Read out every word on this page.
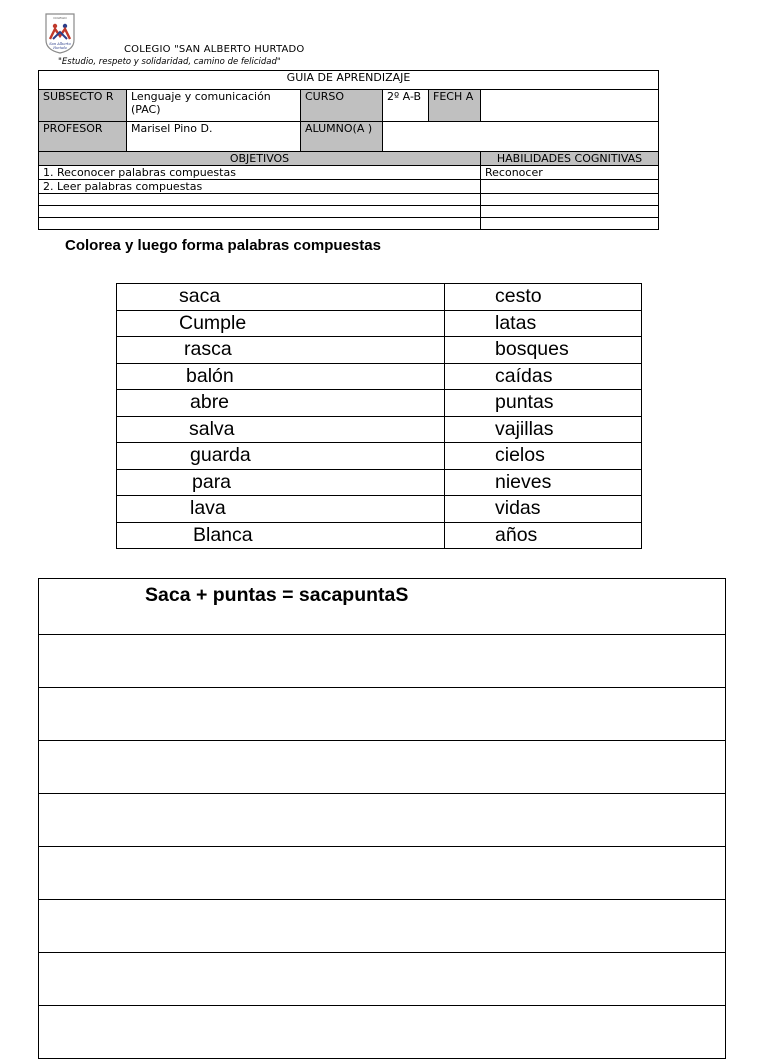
COLEGIO
San Alberto
Hurtado	COLEGIO "SAN ALBERTO HURTADO
"Estudio, respeto y solidaridad, camino de felicidad"
GUIA DE APRENDIZAJE					
SUBSECTO R	Lenguaje y comunicación (PAC)	CURSO	2º A-B	FECH A	
PROFESOR	Marisel Pino D.	ALUMNO(A )			
OBJETIVOS					HABILIDADES COGNITIVAS
1. Reconocer palabras compuestas					Reconocer
2. Leer palabras compuestas					

Colorea y luego forma palabras compuestas
saca	cesto
Cumple	latas
rasca	bosques
balón	caídas
abre	puntas
salva	vajillas
guarda	cielos
para	nieves
lava	vidas
Blanca	años
Saca + puntas = sacapuntaS
